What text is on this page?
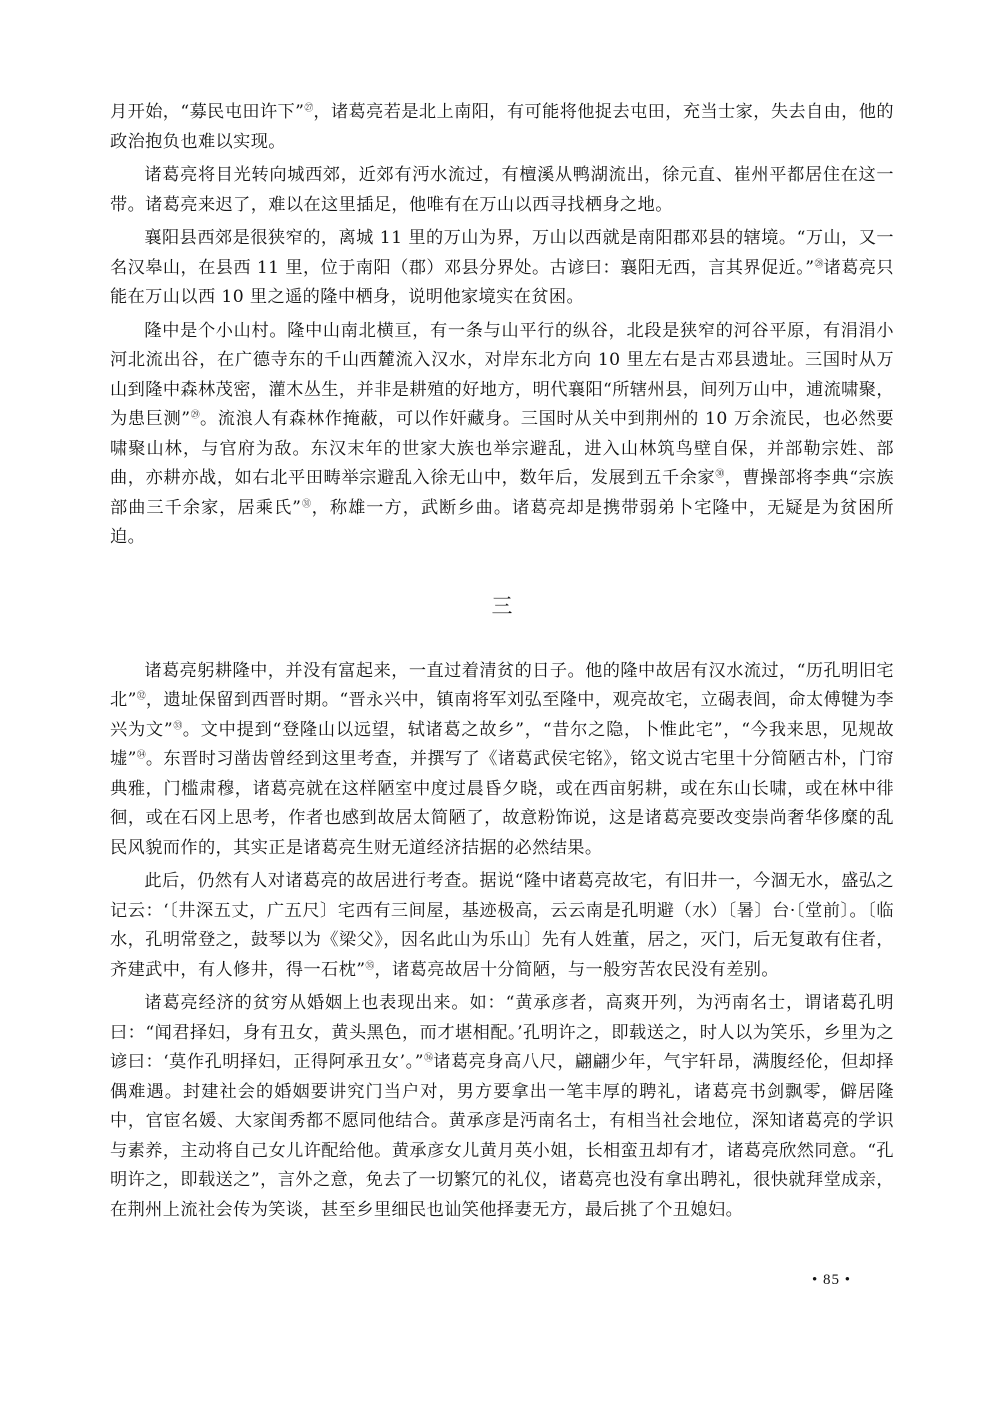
月开始，“募民屯田许下”$^㉗$，诸葛亮若是北上南阳，有可能将他捉去屯田，充当士家，失去自由，他的政治抱负也难以实现。

诸葛亮将目光转向城西郊，近郊有沔水流过，有檀溪从鸭湖流出，徐元直、崔州平都居住在这一带。诸葛亮来迟了，难以在这里插足，他唯有在万山以西寻找栖身之地。

襄阳县西郊是很狭窄的，离城 11 里的万山为界，万山以西就是南阳郡邓县的辖境。“万山，又一名汉皋山，在县西 11 里，位于南阳（郡）邓县分界处。古谚曰：襄阳无西，言其界促近。”$^㉘$诸葛亮只能在万山以西 10 里之遥的隆中栖身，说明他家境实在贫困。

隆中是个小山村。隆中山南北横亘，有一条与山平行的纵谷，北段是狭窄的河谷平原，有涓涓小河北流出谷，在广德寺东的千山西麓流入汉水，对岸东北方向 10 里左右是古邓县遗址。三国时从万山到隆中森林茂密，灌木丛生，并非是耕殖的好地方，明代襄阳“所辖州县，间列万山中，逋流啸聚，为患巨测”$^㉙$。流浪人有森林作掩蔽，可以作奸藏身。三国时从关中到荆州的 10 万余流民，也必然要啸聚山林，与官府为敌。东汉末年的世家大族也举宗避乱，进入山林筑鸟壁自保，并部勒宗姓、部曲，亦耕亦战，如右北平田畴举宗避乱入徐无山中，数年后，发展到五千余家$^㉚$，曹操部将李典“宗族部曲三千余家，居乘氏”$^㉛$，称雄一方，武断乡曲。诸葛亮却是携带弱弟卜宅隆中，无疑是为贫困所迫。

三

诸葛亮躬耕隆中，并没有富起来，一直过着清贫的日子。他的隆中故居有汉水流过，“历孔明旧宅北”$^㉜$，遗址保留到西晋时期。“晋永兴中，镇南将军刘弘至隆中，观亮故宅，立碣表闾，命太傅犍为李兴为文”$^㉝$。文中提到“登隆山以远望，轼诸葛之故乡”，“昔尔之隐，卜惟此宅”，“今我来思，见规故墟”$^㉞$。东晋时习凿齿曾经到这里考查，并撰写了《诸葛武侯宅铭》，铭文说古宅里十分简陋古朴，门帘典雅，门槛肃穆，诸葛亮就在这样陋室中度过晨昏夕晓，或在西亩躬耕，或在东山长啸，或在林中徘徊，或在石冈上思考，作者也感到故居太简陋了，故意粉饰说，这是诸葛亮要改变崇尚奢华侈糜的乱民风貌而作的，其实正是诸葛亮生财无道经济拮据的必然结果。

此后，仍然有人对诸葛亮的故居进行考查。据说“隆中诸葛亮故宅，有旧井一，今涸无水，盛弘之记云：‘〔井深五丈，广五尺〕宅西有三间屋，基迹极高，云云南是孔明避（水）〔暑〕台·〔堂前〕。〔临水，孔明常登之，鼓琴以为《梁父》，因名此山为乐山〕先有人姓董，居之，灭门，后无复敢有住者，齐建武中，有人修井，得一石枕”$^㉟$，诸葛亮故居十分简陋，与一般穷苦农民没有差别。

诸葛亮经济的贫穷从婚姻上也表现出来。如：“黄承彦者，高爽开列，为沔南名士，谓诸葛孔明曰：“闻君择妇，身有丑女，黄头黑色，而才堪相配。’孔明许之，即载送之，时人以为笑乐，乡里为之谚曰：‘莫作孔明择妇，正得阿承丑女’。”$^㊱$诸葛亮身高八尺，翩翩少年，气宇轩昂，满腹经伦，但却择偶难遇。封建社会的婚姻要讲究门当户对，男方要拿出一笔丰厚的聘礼，诸葛亮书剑飘零，僻居隆中，官宦名媛、大家闺秀都不愿同他结合。黄承彦是沔南名士，有相当社会地位，深知诸葛亮的学识与素养，主动将自己女儿许配给他。黄承彦女儿黄月英小姐，长相蛮丑却有才，诸葛亮欣然同意。“孔明许之，即载送之”，言外之意，免去了一切繁冗的礼仪，诸葛亮也没有拿出聘礼，很快就拜堂成亲，在荆州上流社会传为笑谈，甚至乡里细民也讪笑他择妻无方，最后挑了个丑媳妇。

• 85 •
